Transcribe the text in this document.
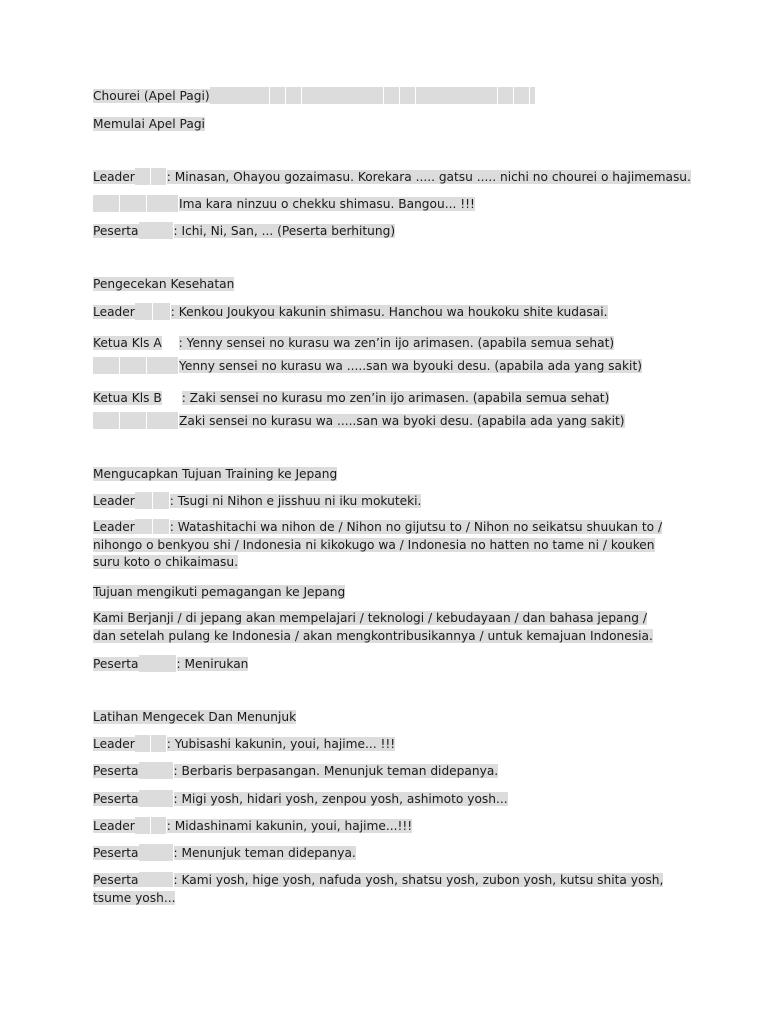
Chourei (Apel Pagi)
Memulai Apel Pagi
Leader	: Minasan, Ohayou gozaimasu. Korekara ..... gatsu ..... nichi no chourei o hajimemasu.
Ima kara ninzuu o chekku shimasu. Bangou... !!!
Peserta	: Ichi, Ni, San, ... (Peserta berhitung)
Pengecekan Kesehatan
Leader	: Kenkou Joukyou kakunin shimasu. Hanchou wa houkoku shite kudasai.
Ketua Kls A : Yenny sensei no kurasu wa zen’in ijo arimasen. (apabila semua sehat)
Yenny sensei no kurasu wa .....san wa byouki desu. (apabila ada yang sakit)
Ketua Kls B : Zaki sensei no kurasu mo zen’in ijo arimasen. (apabila semua sehat)
Zaki sensei no kurasu wa .....san wa byoki desu. (apabila ada yang sakit)
Mengucapkan Tujuan Training ke Jepang
Leader	: Tsugi ni Nihon e jisshuu ni iku mokuteki.
Leader	: Watashitachi wa nihon de / Nihon no gijutsu to / Nihon no seikatsu shuukan to / nihongo o benkyou shi / Indonesia ni kikokugo wa / Indonesia no hatten no tame ni / kouken suru koto o chikaimasu.
Tujuan mengikuti pemagangan ke Jepang
Kami Berjanji / di jepang akan mempelajari / teknologi / kebudayaan / dan bahasa jepang / dan setelah pulang ke Indonesia / akan mengkontribusikannya / untuk kemajuan Indonesia.
Peserta	: Menirukan
Latihan Mengecek Dan Menunjuk
Leader	: Yubisashi kakunin, youi, hajime... !!!
Peserta	: Berbaris berpasangan. Menunjuk teman didepanya.
Peserta	: Migi yosh, hidari yosh, zenpou yosh, ashimoto yosh...
Leader	: Midashinami kakunin, youi, hajime...!!!
Peserta	: Menunjuk teman didepanya.
Peserta	: Kami yosh, hige yosh, nafuda yosh, shatsu yosh, zubon yosh, kutsu shita yosh, tsume yosh...
